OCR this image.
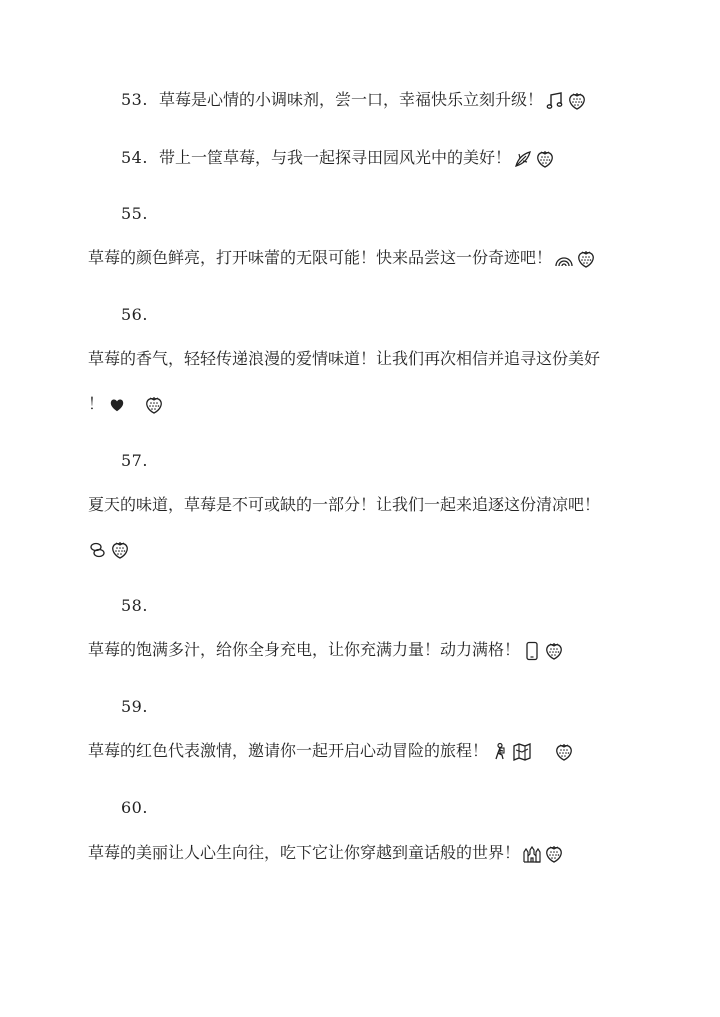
53. 草莓是心情的小调味剂，尝一口，幸福快乐立刻升级！
54. 带上一筐草莓，与我一起探寻田园风光中的美好！
55.
草莓的颜色鲜亮，打开味蕾的无限可能！快来品尝这一份奇迹吧！
56.
草莓的香气，轻轻传递浪漫的爱情味道！让我们再次相信并追寻这份美好
！
57.
夏天的味道，草莓是不可或缺的一部分！让我们一起来追逐这份清凉吧！
58.
草莓的饱满多汁，给你全身充电，让你充满力量！动力满格！
59.
草莓的红色代表激情，邀请你一起开启心动冒险的旅程！
60.
草莓的美丽让人心生向往，吃下它让你穿越到童话般的世界！
